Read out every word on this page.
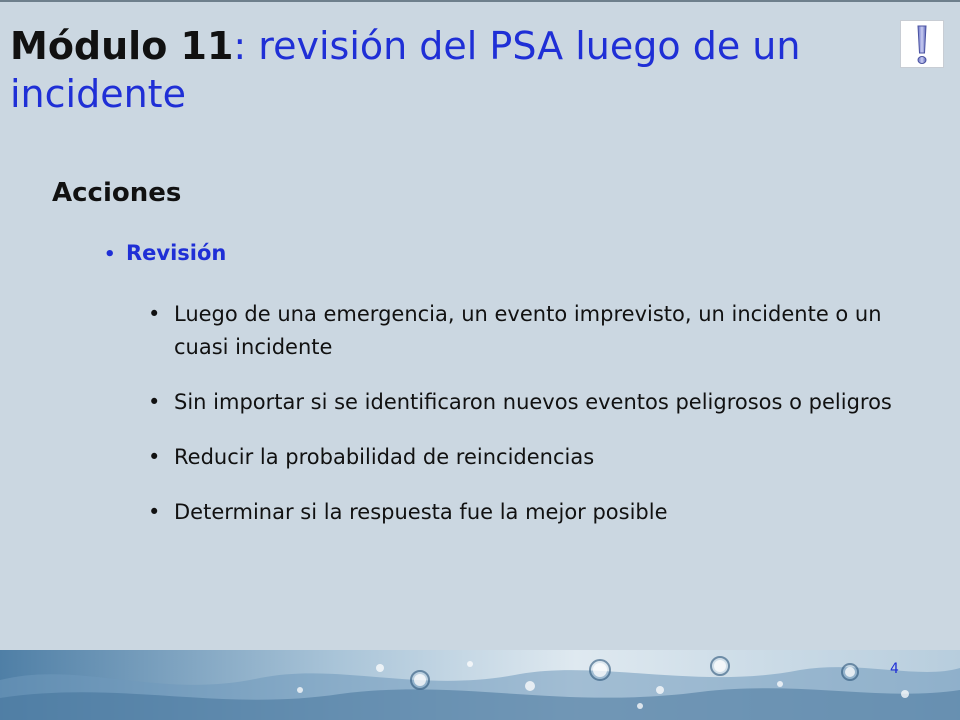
Módulo 11: revisión del PSA luego de un incidente
Acciones
• Revisión
• Luego de una emergencia, un evento imprevisto, un incidente o un cuasi incidente
• Sin importar si se identificaron nuevos eventos peligrosos o peligros
• Reducir la probabilidad de reincidencias
• Determinar si la respuesta fue la mejor posible
4
